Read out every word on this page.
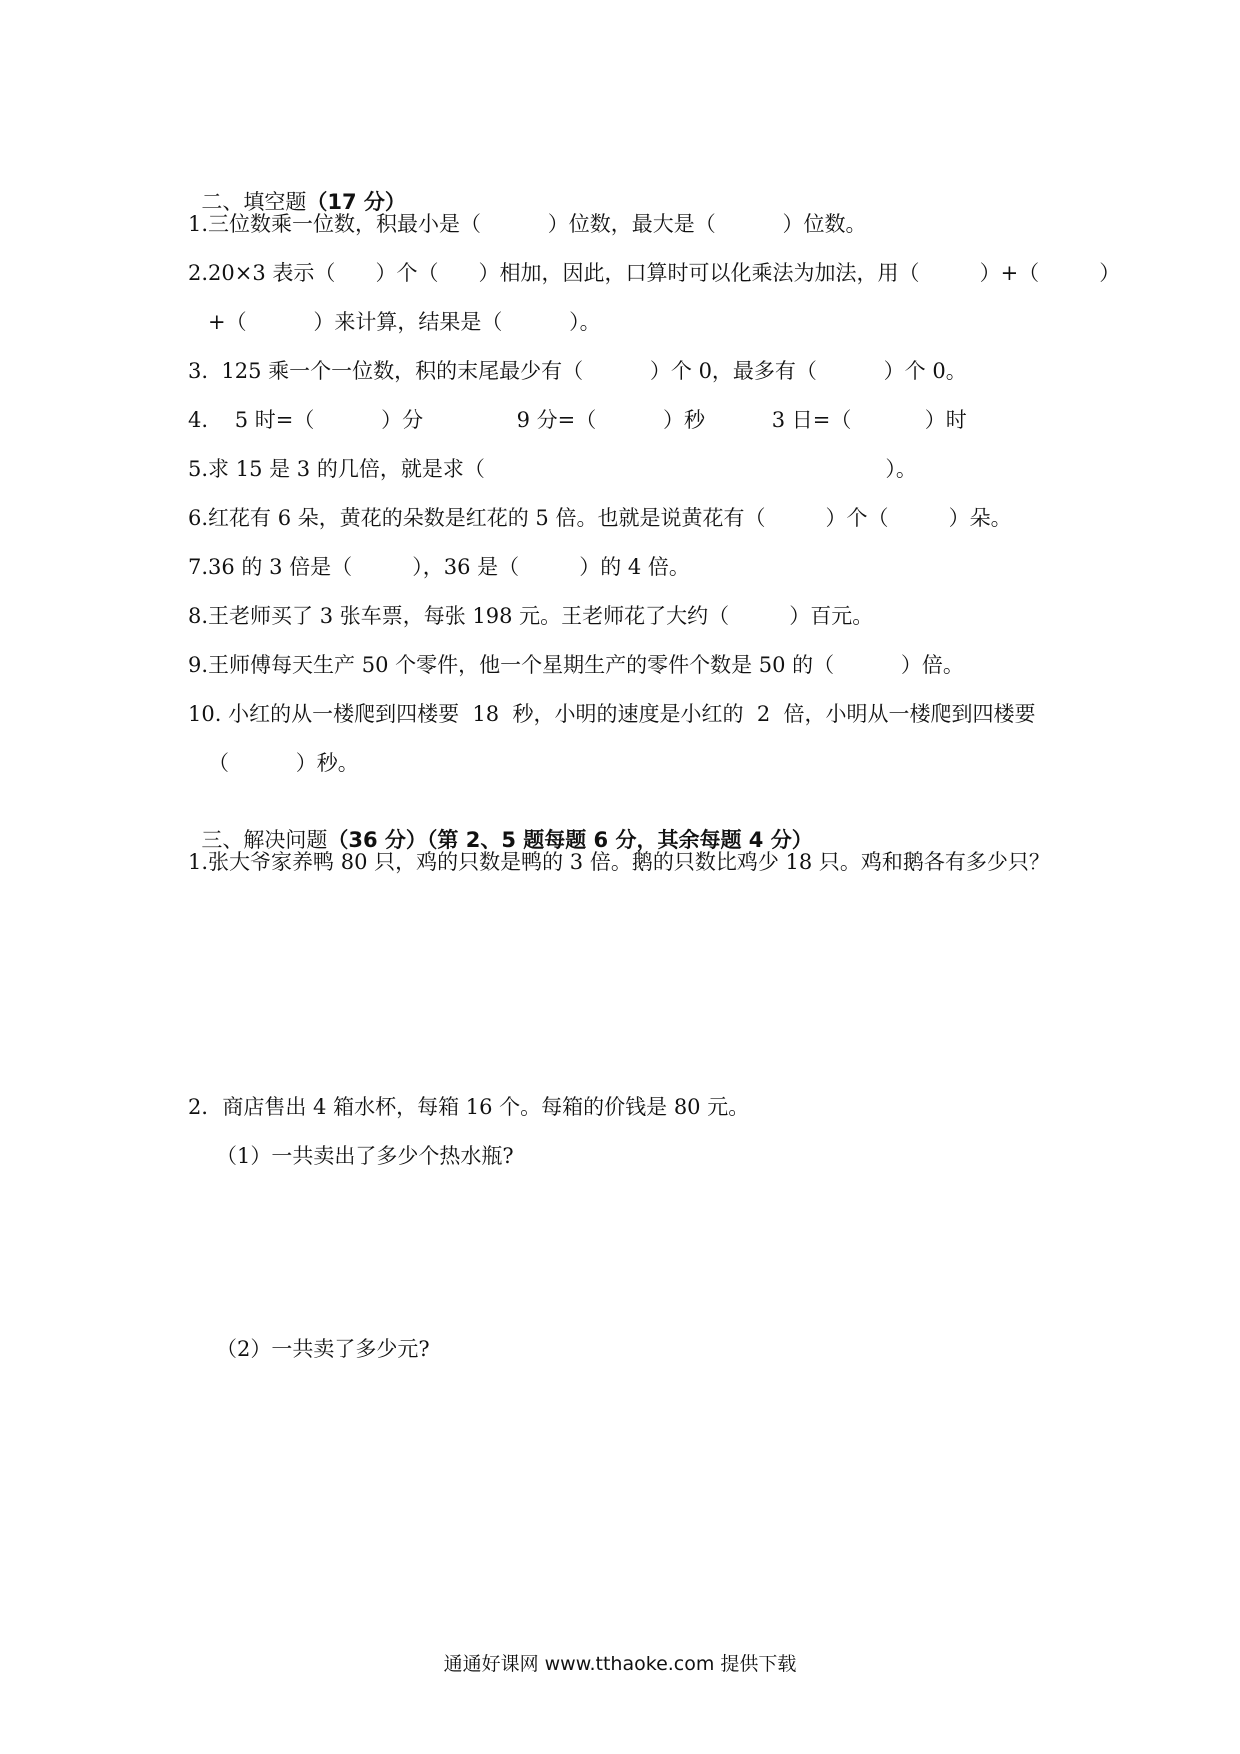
二、填空题（17 分）

1.三位数乘一位数，积最小是（          ）位数，最大是（          ）位数。
2.20×3 表示（      ）个（      ）相加，因此，口算时可以化乘法为加法，用（         ）+（         ）
+（          ）来计算，结果是（          ）。
3.  125 乘一个一位数，积的末尾最少有（          ）个 0，最多有（          ）个 0。
4.    5 时=（          ）分              9 分=（          ）秒          3 日=（           ）时
5.求 15 是 3 的几倍，就是求（                                                            ）。
6.红花有 6 朵，黄花的朵数是红花的 5 倍。也就是说黄花有（         ）个（         ）朵。
7.36 的 3 倍是（         ），36 是（         ）的 4 倍。
8.王老师买了 3 张车票，每张 198 元。王老师花了大约（         ）百元。
9.王师傅每天生产 50 个零件，他一个星期生产的零件个数是 50 的（          ）倍。
10. 小红的从一楼爬到四楼要  18  秒，小明的速度是小红的  2  倍，小明从一楼爬到四楼要
（          ）秒。

三、解决问题（36 分）（第 2、5 题每题 6 分，其余每题 4 分）

1.张大爷家养鸭 80 只，鸡的只数是鸭的 3 倍。鹅的只数比鸡少 18 只。鸡和鹅各有多少只？
2．商店售出 4 箱水杯，每箱 16 个。每箱的价钱是 80 元。
（1）一共卖出了多少个热水瓶?
（2）一共卖了多少元?
通通好课网 www.tthaoke.com 提供下载
